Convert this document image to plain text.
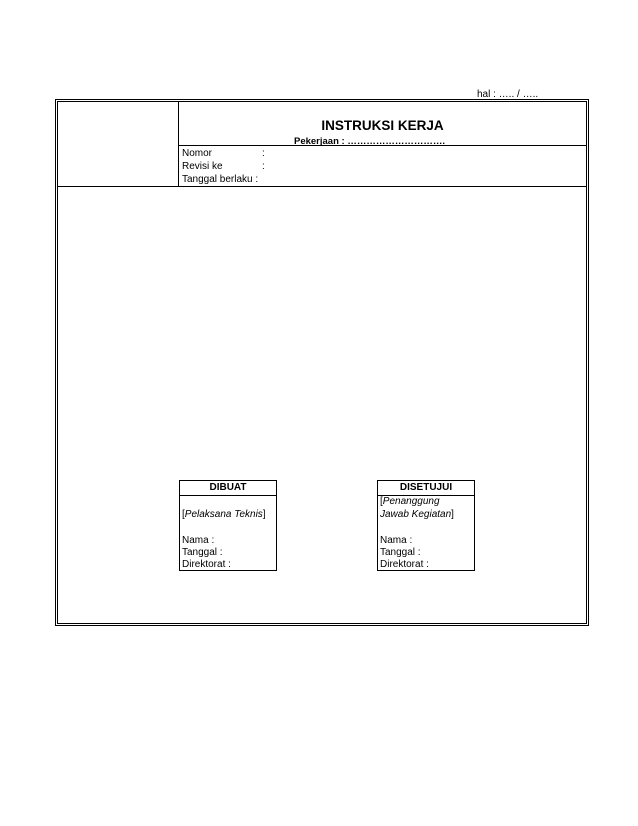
hal : ….. / …..
INSTRUKSI KERJA
Pekerjaan : ………………………….
Nomor	:
Revisi ke	:
Tanggal berlaku :
DIBUAT
[Pelaksana Teknis]
Nama :
Tanggal :
Direktorat :
DISETUJUI
[Penanggung
Jawab Kegiatan]
Nama :
Tanggal :
Direktorat :
